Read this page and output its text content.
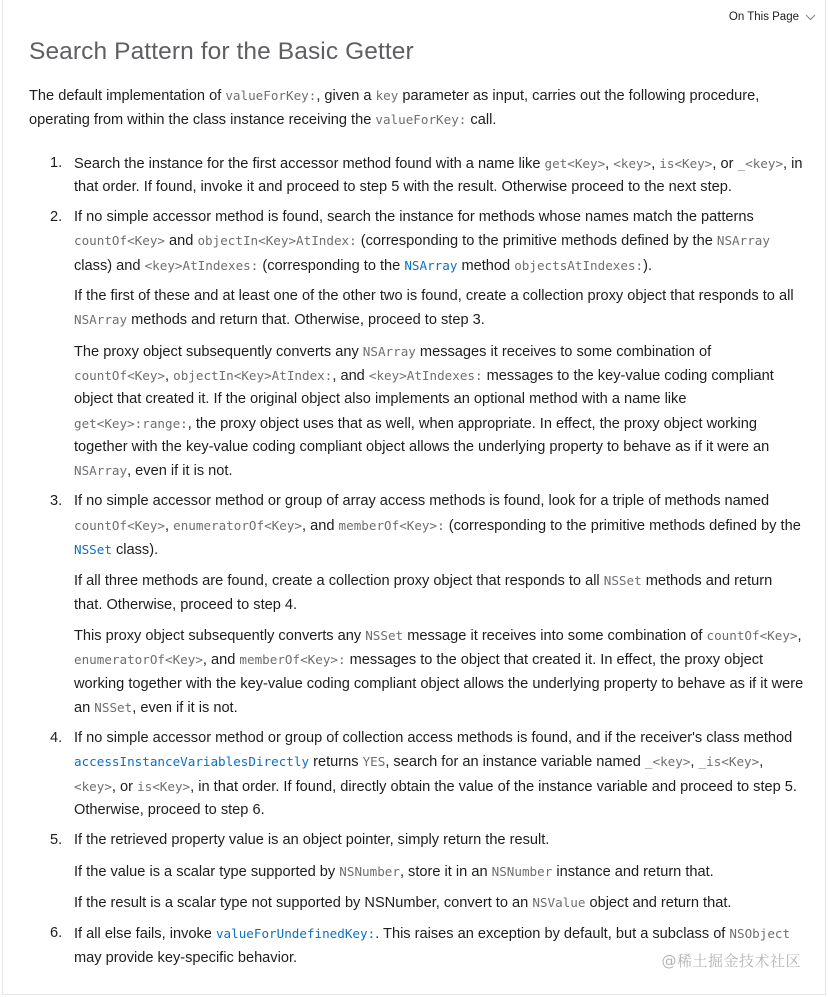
On This Page
Search Pattern for the Basic Getter

The default implementation of valueForKey:, given a key parameter as input, carries out the following procedure, operating from within the class instance receiving the valueForKey: call.

1. Search the instance for the first accessor method found with a name like get<Key>, <key>, is<Key>, or _<key>, in that order. If found, invoke it and proceed to step 5 with the result. Otherwise proceed to the next step.

2. If no simple accessor method is found, search the instance for methods whose names match the patterns countOf<Key> and objectIn<Key>AtIndex: (corresponding to the primitive methods defined by the NSArray class) and <key>AtIndexes: (corresponding to the NSArray method objectsAtIndexes:).

If the first of these and at least one of the other two is found, create a collection proxy object that responds to all NSArray methods and return that. Otherwise, proceed to step 3.

The proxy object subsequently converts any NSArray messages it receives to some combination of countOf<Key>, objectIn<Key>AtIndex:, and <key>AtIndexes: messages to the key-value coding compliant object that created it. If the original object also implements an optional method with a name like get<Key>:range:, the proxy object uses that as well, when appropriate. In effect, the proxy object working together with the key-value coding compliant object allows the underlying property to behave as if it were an NSArray, even if it is not.

3. If no simple accessor method or group of array access methods is found, look for a triple of methods named countOf<Key>, enumeratorOf<Key>, and memberOf<Key>: (corresponding to the primitive methods defined by the NSSet class).

If all three methods are found, create a collection proxy object that responds to all NSSet methods and return that. Otherwise, proceed to step 4.

This proxy object subsequently converts any NSSet message it receives into some combination of countOf<Key>, enumeratorOf<Key>, and memberOf<Key>: messages to the object that created it. In effect, the proxy object working together with the key-value coding compliant object allows the underlying property to behave as if it were an NSSet, even if it is not.

4. If no simple accessor method or group of collection access methods is found, and if the receiver's class method accessInstanceVariablesDirectly returns YES, search for an instance variable named _<key>, _is<Key>, <key>, or is<Key>, in that order. If found, directly obtain the value of the instance variable and proceed to step 5. Otherwise, proceed to step 6.

5. If the retrieved property value is an object pointer, simply return the result.

If the value is a scalar type supported by NSNumber, store it in an NSNumber instance and return that.

If the result is a scalar type not supported by NSNumber, convert to an NSValue object and return that.

6. If all else fails, invoke valueForUndefinedKey:. This raises an exception by default, but a subclass of NSObject may provide key-specific behavior.	@稀土掘金技术社区
